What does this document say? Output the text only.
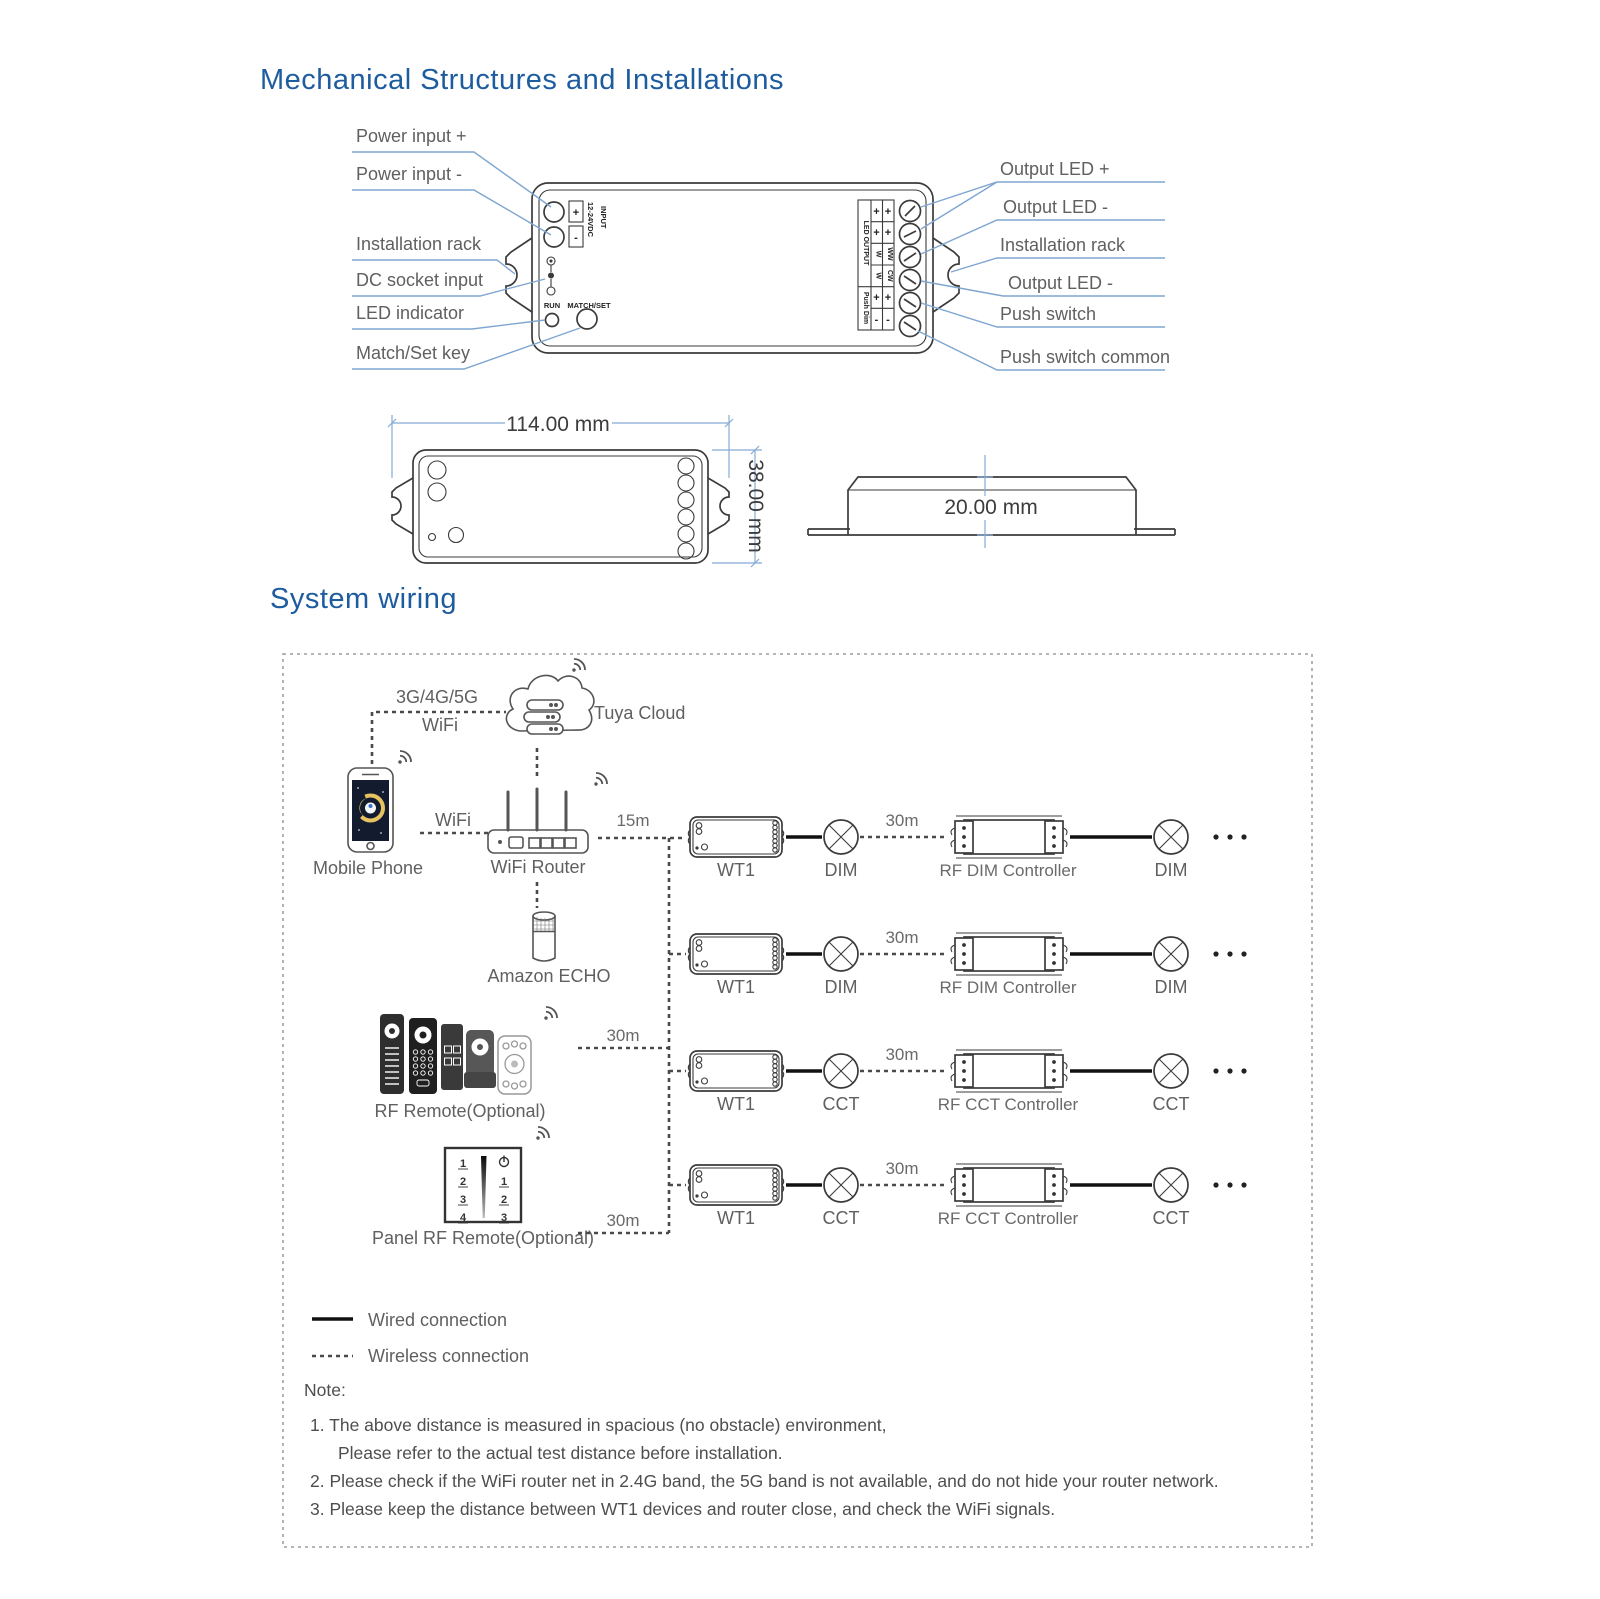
Mechanical Structures and Installations
+
-
12-24VDC INPUT
RUN MATCH/SET
LED OUTPUT
Push Dim
+ +
+ +
W WW
W CW
+ +
- -
Power input +
Power input -
Installation rack
DC socket input
LED indicator
Match/Set key
Output LED +
Output LED -
Installation rack
Output LED -
Push switch
Push switch common
114.00 mm
38.00 mm	20.00 mm
System wiring
3G/4G/5G
WiFi
WiFi
Tuya Cloud
Mobile Phone	WiFi Router
Amazon ECHO
RF Remote(Optional)
1
2
3
4
1
2
3
Panel RF Remote(Optional)
15m
30m
30m
WT1	DIM
30m
RF DIM Controller	DIM
WT1	DIM
30m
RF DIM Controller	DIM
WT1	CCT
30m
RF CCT Controller	CCT
WT1	CCT
30m
RF CCT Controller	CCT
Wired connection
Wireless connection
Note:
1. The above distance is measured in spacious (no obstacle) environment,
Please refer to the actual test distance before installation.
2. Please check if the WiFi router net in 2.4G band, the 5G band is not available, and do not hide your router network.
3. Please keep the distance between WT1 devices and router close, and check the WiFi signals.
